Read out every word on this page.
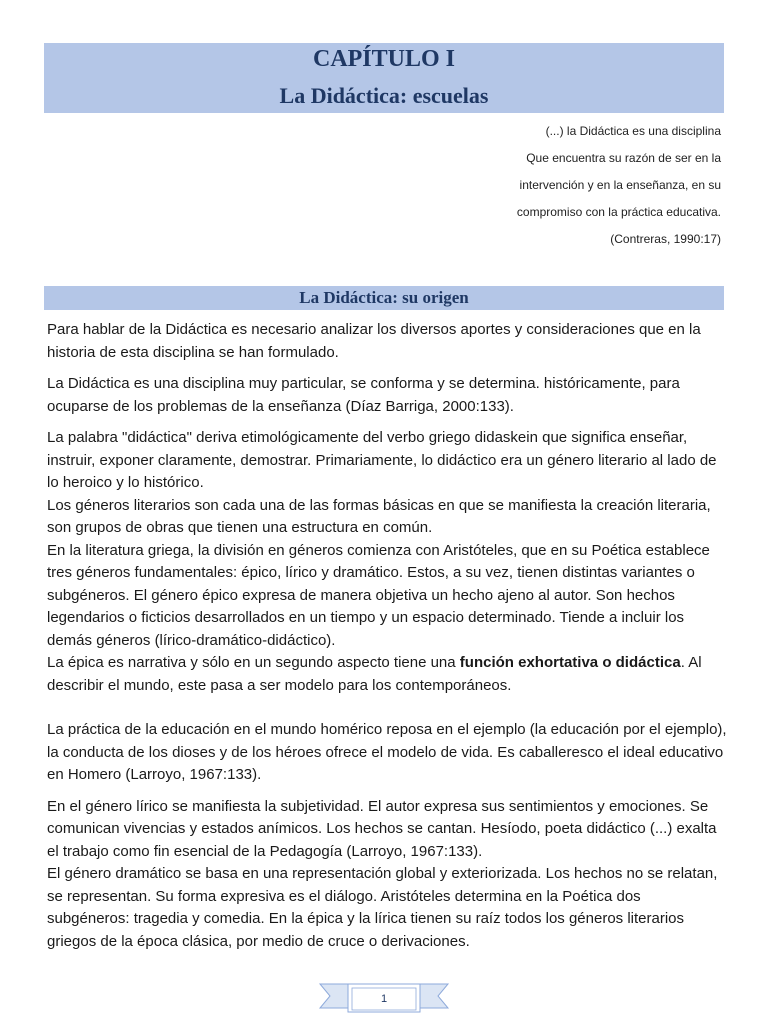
CAPÍTULO I
La Didáctica: escuelas
(...) la Didáctica es una disciplina
Que encuentra su razón de ser en la
intervención y en la enseñanza, en su
compromiso con la práctica educativa.
(Contreras, 1990:17)
La Didáctica: su origen

Para hablar de la Didáctica es necesario analizar los diversos aportes y consideraciones que en la historia de esta disciplina se han formulado.

La Didáctica es una disciplina muy particular, se conforma y se determina. históricamente, para ocuparse de los problemas de la enseñanza (Díaz Barriga, 2000:133).

La palabra "didáctica" deriva etimológicamente del verbo griego didaskein que significa enseñar, instruir, exponer claramente, demostrar. Primariamente, lo didáctico era un género literario al lado de lo heroico y lo histórico.

Los géneros literarios son cada una de las formas básicas en que se manifiesta la creación literaria, son grupos de obras que tienen una estructura en común.

En la literatura griega, la división en géneros comienza con Aristóteles, que en su Poética establece tres géneros fundamentales: épico, lírico y dramático. Estos, a su vez, tienen distintas variantes o subgéneros. El género épico expresa de manera objetiva un hecho ajeno al autor. Son hechos legendarios o ficticios desarrollados en un tiempo y un espacio determinado. Tiende a incluir los demás géneros (lírico-dramático-didáctico).

La épica es narrativa y sólo en un segundo aspecto tiene una función exhortativa o didáctica. Al describir el mundo, este pasa a ser modelo para los contemporáneos.

La práctica de la educación en el mundo homérico reposa en el ejemplo (la educación por el ejemplo), la conducta de los dioses y de los héroes ofrece el modelo de vida. Es caballeresco el ideal educativo en Homero (Larroyo, 1967:133).

En el género lírico se manifiesta la subjetividad. El autor expresa sus sentimientos y emociones. Se comunican vivencias y estados anímicos. Los hechos se cantan. Hesíodo, poeta didáctico (...) exalta el trabajo como fin esencial de la Pedagogía (Larroyo, 1967:133).

El género dramático se basa en una representación global y exteriorizada. Los hechos no se relatan, se representan. Su forma expresiva es el diálogo. Aristóteles determina en la Poética dos subgéneros: tragedia y comedia. En la épica y la lírica tienen su raíz todos los géneros literarios griegos de la época clásica, por medio de cruce o derivaciones.

1
